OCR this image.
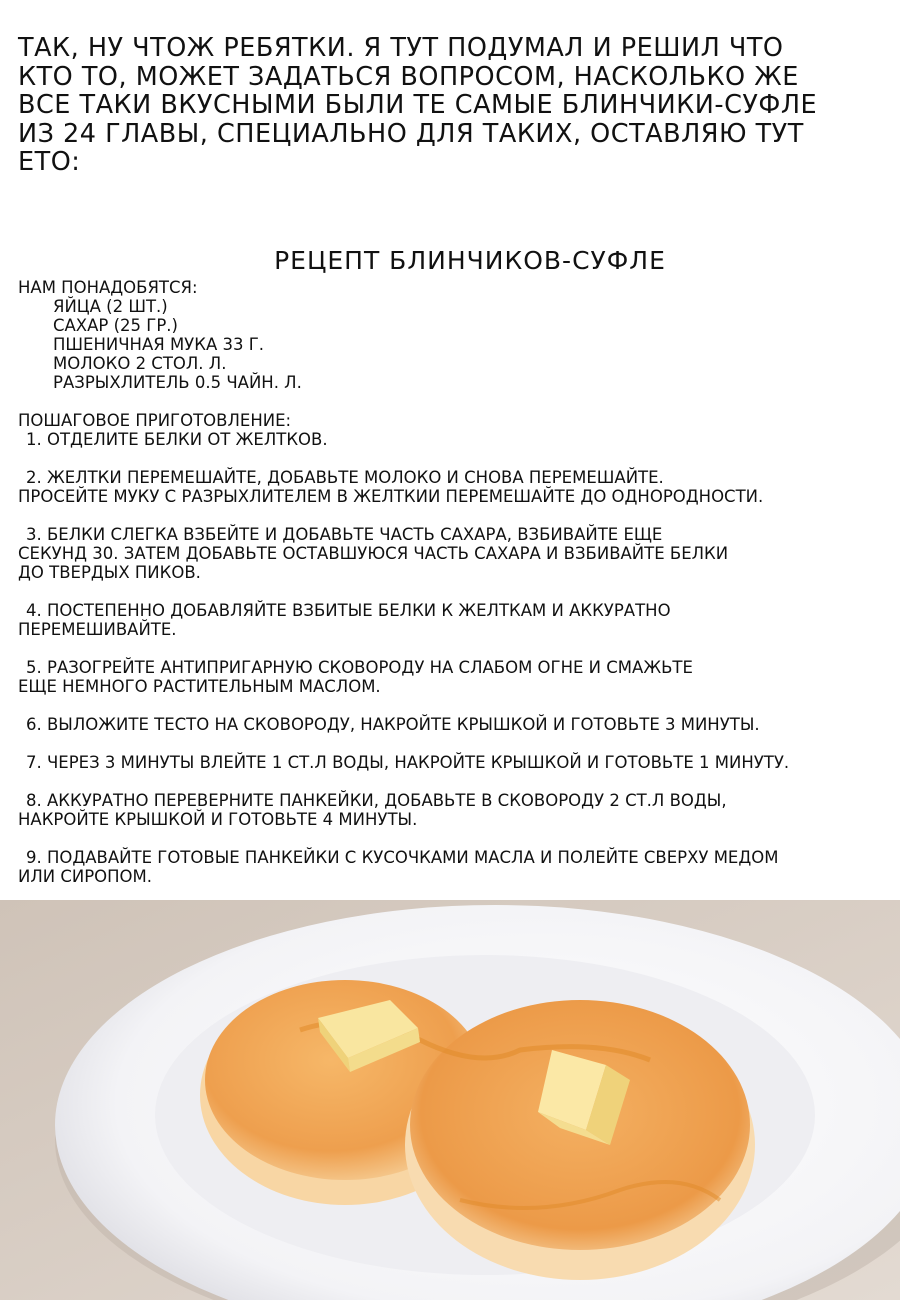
ТАК, НУ ЧТОЖ РЕБЯТКИ. Я ТУТ ПОДУМАЛ И РЕШИЛ ЧТО
КТО ТО, МОЖЕТ ЗАДАТЬСЯ ВОПРОСОМ, НАСКОЛЬКО ЖЕ
ВСЕ ТАКИ ВКУСНЫМИ БЫЛИ ТЕ САМЫЕ БЛИНЧИКИ-СУФЛЕ
ИЗ 24 ГЛАВЫ, СПЕЦИАЛЬНО ДЛЯ ТАКИХ, ОСТАВЛЯЮ ТУТ
ЕТО:
РЕЦЕПТ БЛИНЧИКОВ-СУФЛЕ
НАМ ПОНАДОБЯТСЯ:
ЯЙЦА (2 ШТ.)
САХАР (25 ГР.)
ПШЕНИЧНАЯ МУКА 33 Г.
МОЛОКО 2 СТОЛ. Л.
РАЗРЫХЛИТЕЛЬ 0.5 ЧАЙН. Л.
ПОШАГОВОЕ ПРИГОТОВЛЕНИЕ:
1. ОТДЕЛИТЕ БЕЛКИ ОТ ЖЕЛТКОВ.
2. ЖЕЛТКИ ПЕРЕМЕШАЙТЕ, ДОБАВЬТЕ МОЛОКО И СНОВА ПЕРЕМЕШАЙТЕ.
ПРОСЕЙТЕ МУКУ С РАЗРЫХЛИТЕЛЕМ В ЖЕЛТКИИ ПЕРЕМЕШАЙТЕ ДО ОДНОРОДНОСТИ.
3. БЕЛКИ СЛЕГКА ВЗБЕЙТЕ И ДОБАВЬТЕ ЧАСТЬ САХАРА, ВЗБИВАЙТЕ ЕЩЕ
СЕКУНД 30. ЗАТЕМ ДОБАВЬТЕ ОСТАВШУЮСЯ ЧАСТЬ САХАРА И ВЗБИВАЙТЕ БЕЛКИ
ДО ТВЕРДЫХ ПИКОВ.
4. ПОСТЕПЕННО ДОБАВЛЯЙТЕ ВЗБИТЫЕ БЕЛКИ К ЖЕЛТКАМ И АККУРАТНО
ПЕРЕМЕШИВАЙТЕ.
5. РАЗОГРЕЙТЕ АНТИПРИГАРНУЮ СКОВОРОДУ НА СЛАБОМ ОГНЕ И СМАЖЬТЕ
ЕЩЕ НЕМНОГО РАСТИТЕЛЬНЫМ МАСЛОМ.
6. ВЫЛОЖИТЕ ТЕСТО НА СКОВОРОДУ, НАКРОЙТЕ КРЫШКОЙ И ГОТОВЬТЕ 3 МИНУТЫ.
7. ЧЕРЕЗ 3 МИНУТЫ ВЛЕЙТЕ 1 СТ.Л ВОДЫ, НАКРОЙТЕ КРЫШКОЙ И ГОТОВЬТЕ 1 МИНУТУ.
8. АККУРАТНО ПЕРЕВЕРНИТЕ ПАНКЕЙКИ, ДОБАВЬТЕ В СКОВОРОДУ 2 СТ.Л ВОДЫ,
НАКРОЙТЕ КРЫШКОЙ И ГОТОВЬТЕ 4 МИНУТЫ.
9. ПОДАВАЙТЕ ГОТОВЫЕ ПАНКЕЙКИ С КУСОЧКАМИ МАСЛА И ПОЛЕЙТЕ СВЕРХУ МЕДОМ
ИЛИ СИРОПОМ.
